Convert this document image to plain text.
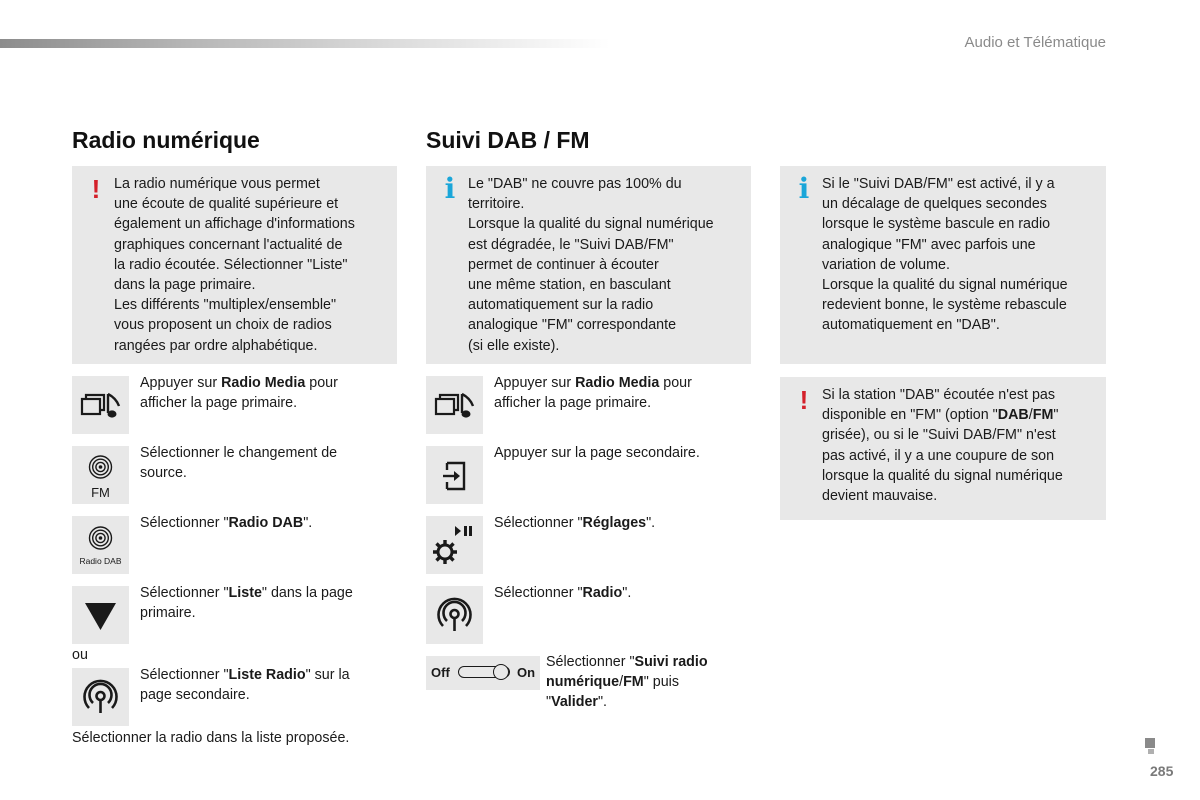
Audio et Télématique
Radio numérique
! La radio numérique vous permet
une écoute de qualité supérieure et
également un affichage d'informations
graphiques concernant l'actualité de
la radio écoutée. Sélectionner "Liste"
dans la page primaire.
Les différents "multiplex/ensemble"
vous proposent un choix de radios
rangées par ordre alphabétique.
Appuyer sur Radio Media pour
afficher la page primaire.
FM
Sélectionner le changement de
source.
Radio DAB
Sélectionner "Radio DAB".
Sélectionner "Liste" dans la page
primaire.
ou
Sélectionner "Liste Radio" sur la
page secondaire.
Sélectionner la radio dans la liste proposée.
Suivi DAB / FM
i Le "DAB" ne couvre pas 100% du
territoire.
Lorsque la qualité du signal numérique
est dégradée, le "Suivi DAB/FM"
permet de continuer à écouter
une même station, en basculant
automatiquement sur la radio
analogique "FM" correspondante
(si elle existe).
Appuyer sur Radio Media pour
afficher la page primaire.
Appuyer sur la page secondaire.
Sélectionner "Réglages".
Sélectionner "Radio".
Off	On
Sélectionner "Suivi radio
numérique/FM" puis
"Valider".
i Si le "Suivi DAB/FM" est activé, il y a
un décalage de quelques secondes
lorsque le système bascule en radio
analogique "FM" avec parfois une
variation de volume.
Lorsque la qualité du signal numérique
redevient bonne, le système rebascule
automatiquement en "DAB".
! Si la station "DAB" écoutée n'est pas
disponible en "FM" (option "DAB/FM"
grisée), ou si le "Suivi DAB/FM" n'est
pas activé, il y a une coupure de son
lorsque la qualité du signal numérique
devient mauvaise.
285
